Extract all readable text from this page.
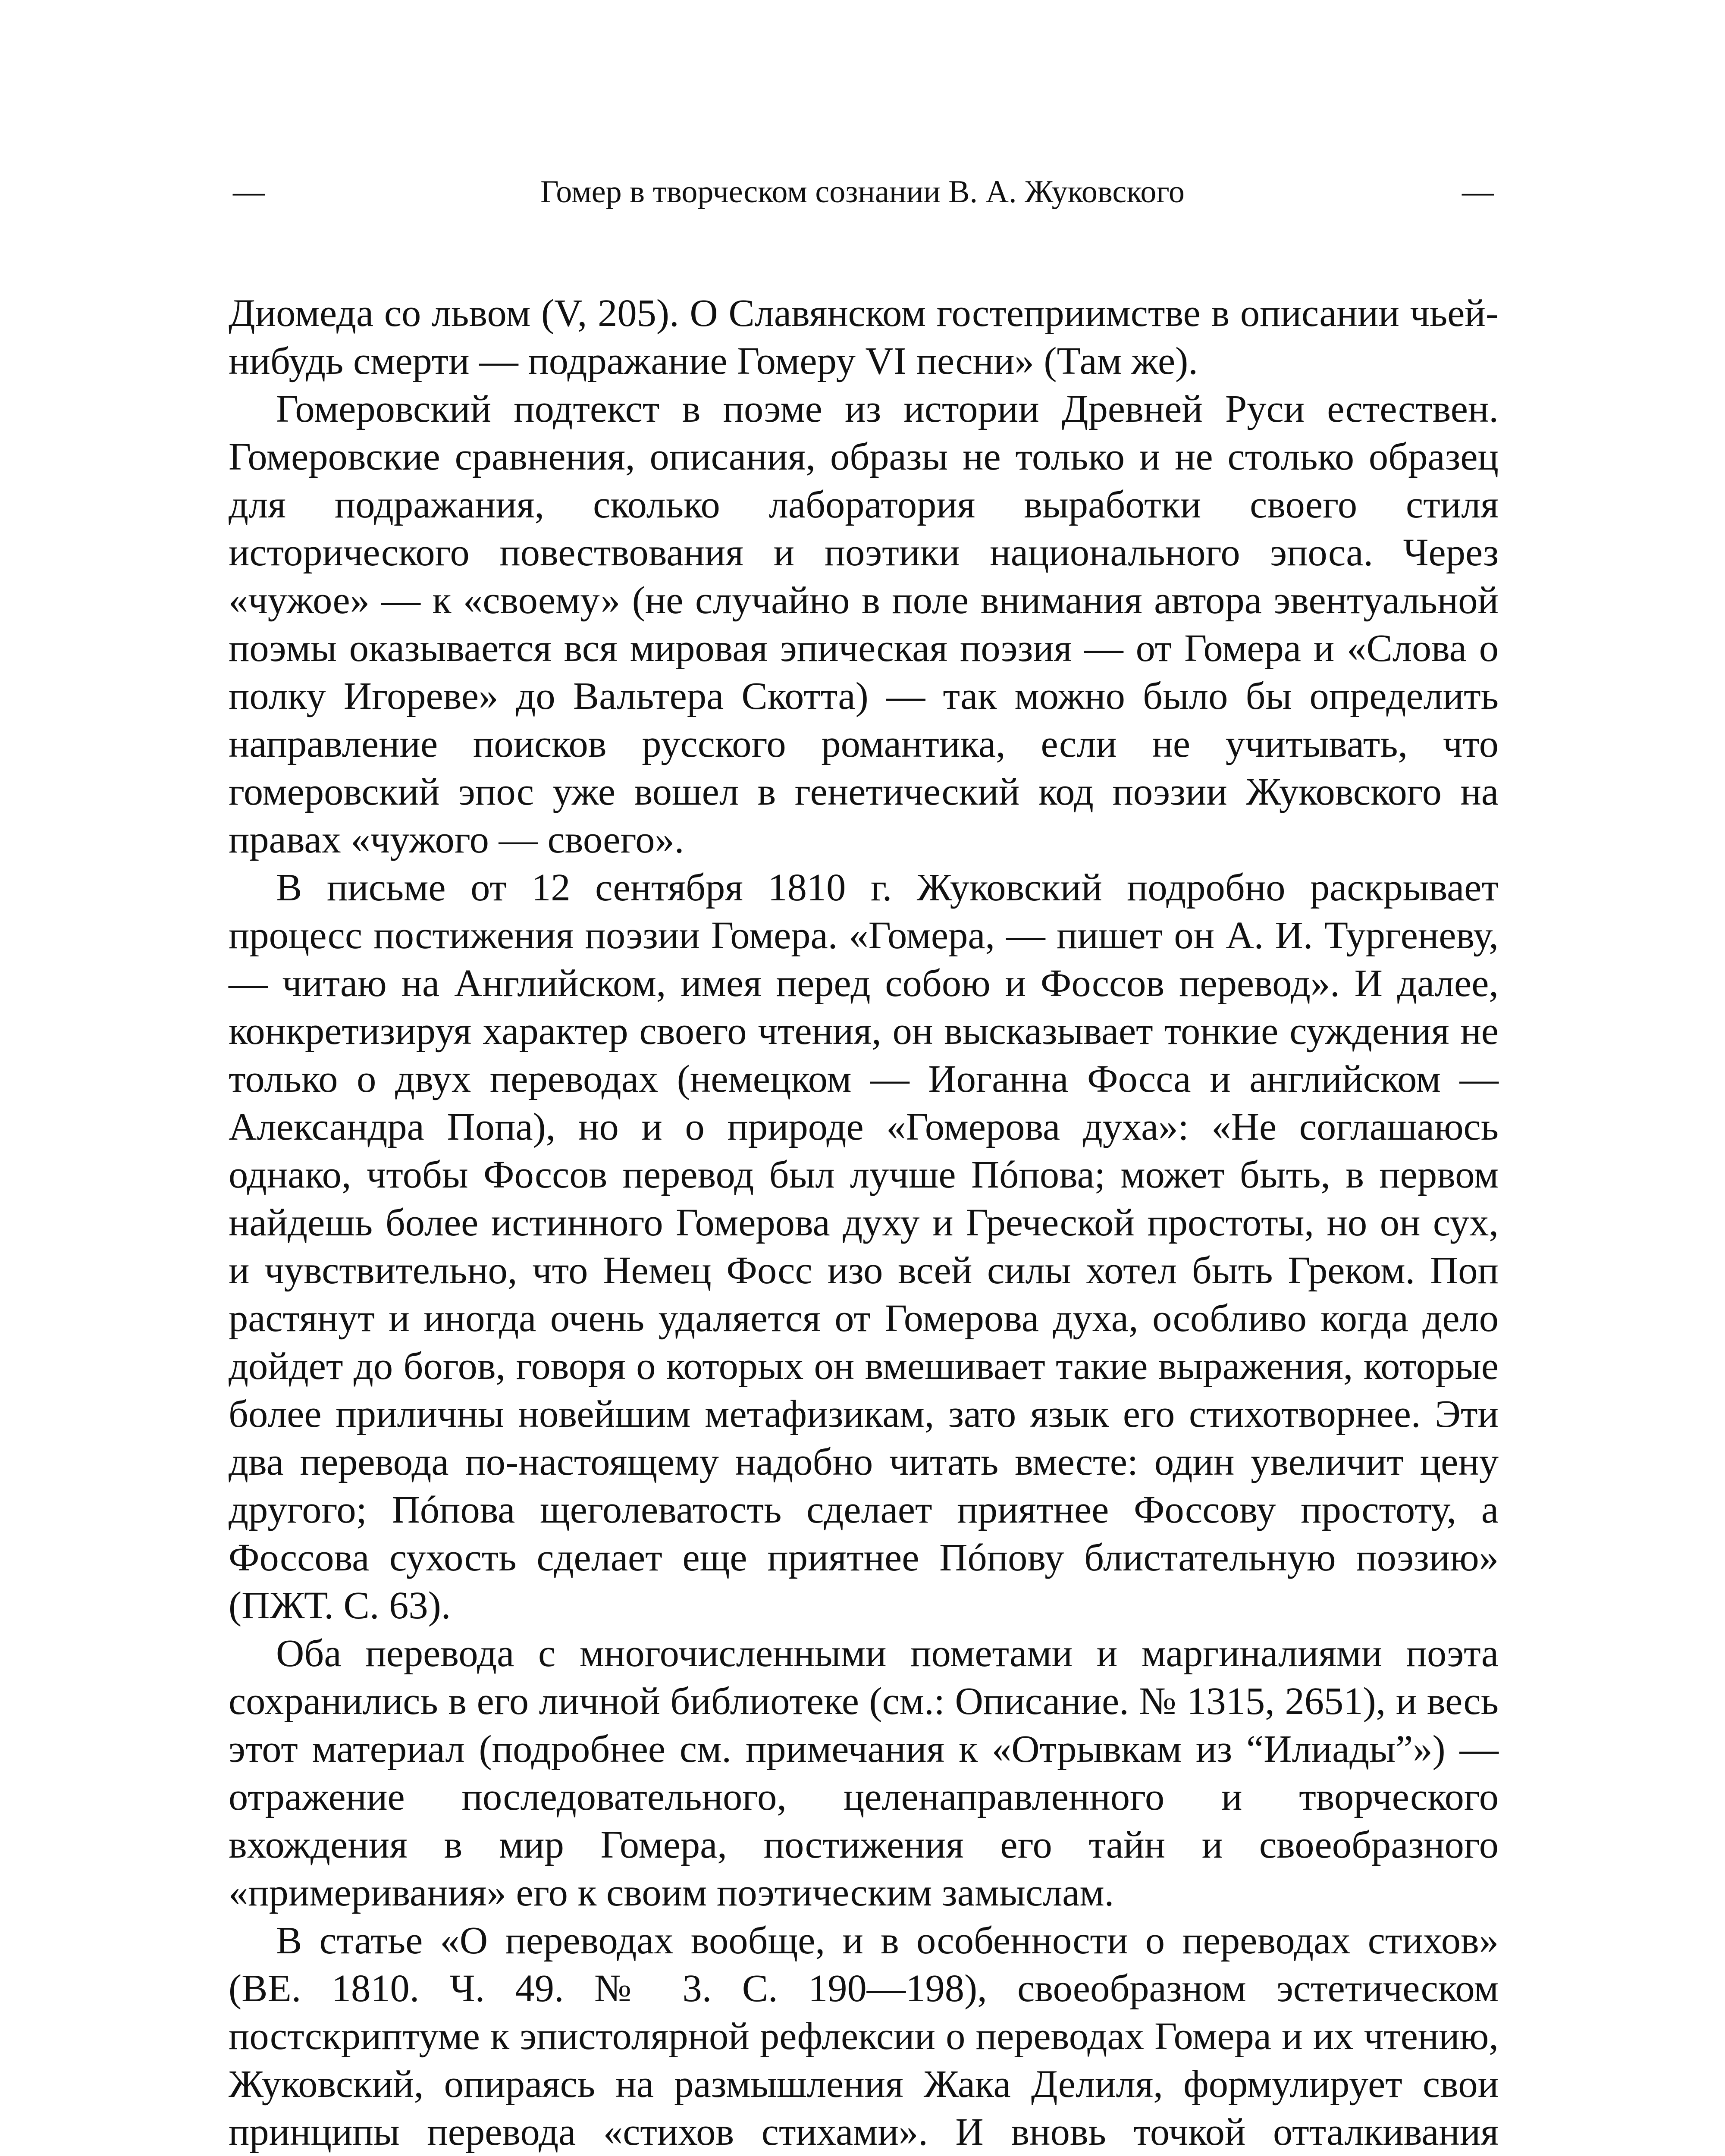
—	Гомер в творческом сознании В. А. Жуковского	—

Диомеда со львом (V, 205). О Славянском гостеприимстве в описании чьей-нибудь смерти — подражание Гомеру VI песни» (Там же).

Гомеровский подтекст в поэме из истории Древней Руси естествен. Гомеровские сравнения, описания, образы не только и не столько образец для подражания, сколько лаборатория выработки своего стиля исторического повествования и поэтики национального эпоса. Через «чужое» — к «своему» (не случайно в поле внимания автора эвентуальной поэмы оказывается вся мировая эпическая поэзия — от Гомера и «Слова о полку Игореве» до Вальтера Скотта) — так можно было бы определить направление поисков русского романтика, если не учитывать, что гомеровский эпос уже вошел в генетический код поэзии Жуковского на правах «чужого — своего».

В письме от 12 сентября 1810 г. Жуковский подробно раскрывает процесс постижения поэзии Гомера. «Гомера, — пишет он А. И. Тургеневу, — читаю на Английском, имея перед собою и Фоссов перевод». И далее, конкретизируя характер своего чтения, он высказывает тонкие суждения не только о двух переводах (немецком — Иоганна Фосса и английском — Александра Попа), но и о природе «Гомерова духа»: «Не соглашаюсь однако, чтобы Фоссов перевод был лучше Пóпова; может быть, в первом найдешь более истинного Гомерова духу и Греческой простоты, но он сух, и чувствительно, что Немец Фосс изо всей силы хотел быть Греком. Поп растянут и иногда очень удаляется от Гомерова духа, особливо когда дело дойдет до богов, говоря о которых он вмешивает такие выражения, которые более приличны новейшим метафизикам, зато язык его стихотворнее. Эти два перевода по-настоящему надобно читать вместе: один увеличит цену другого; Пóпова щеголеватость сделает приятнее Фоссову простоту, а Фоссова сухость сделает еще приятнее Пóпову блистательную поэзию» (ПЖТ. С. 63).

Оба перевода с многочисленными пометами и маргиналиями поэта сохранились в его личной библиотеке (см.: Описание. № 1315, 2651), и весь этот материал (подробнее см. примечания к «Отрывкам из “Илиады”») — отражение последовательного, целенаправленного и творческого вхождения в мир Гомера, постижения его тайн и своеобразного «примеривания» его к своим поэтическим замыслам.

В статье «О переводах вообще, и в особенности о переводах стихов» (ВЕ. 1810. Ч. 49. № 3. С. 190—198), своеобразном эстетическом постскриптуме к эпистолярной рефлексии о переводах Гомера и их чтению, Жуковский, опираясь на размышления Жака Делиля, формулирует свои принципы перевода «стихов стихами». И вновь точкой отталкивания
